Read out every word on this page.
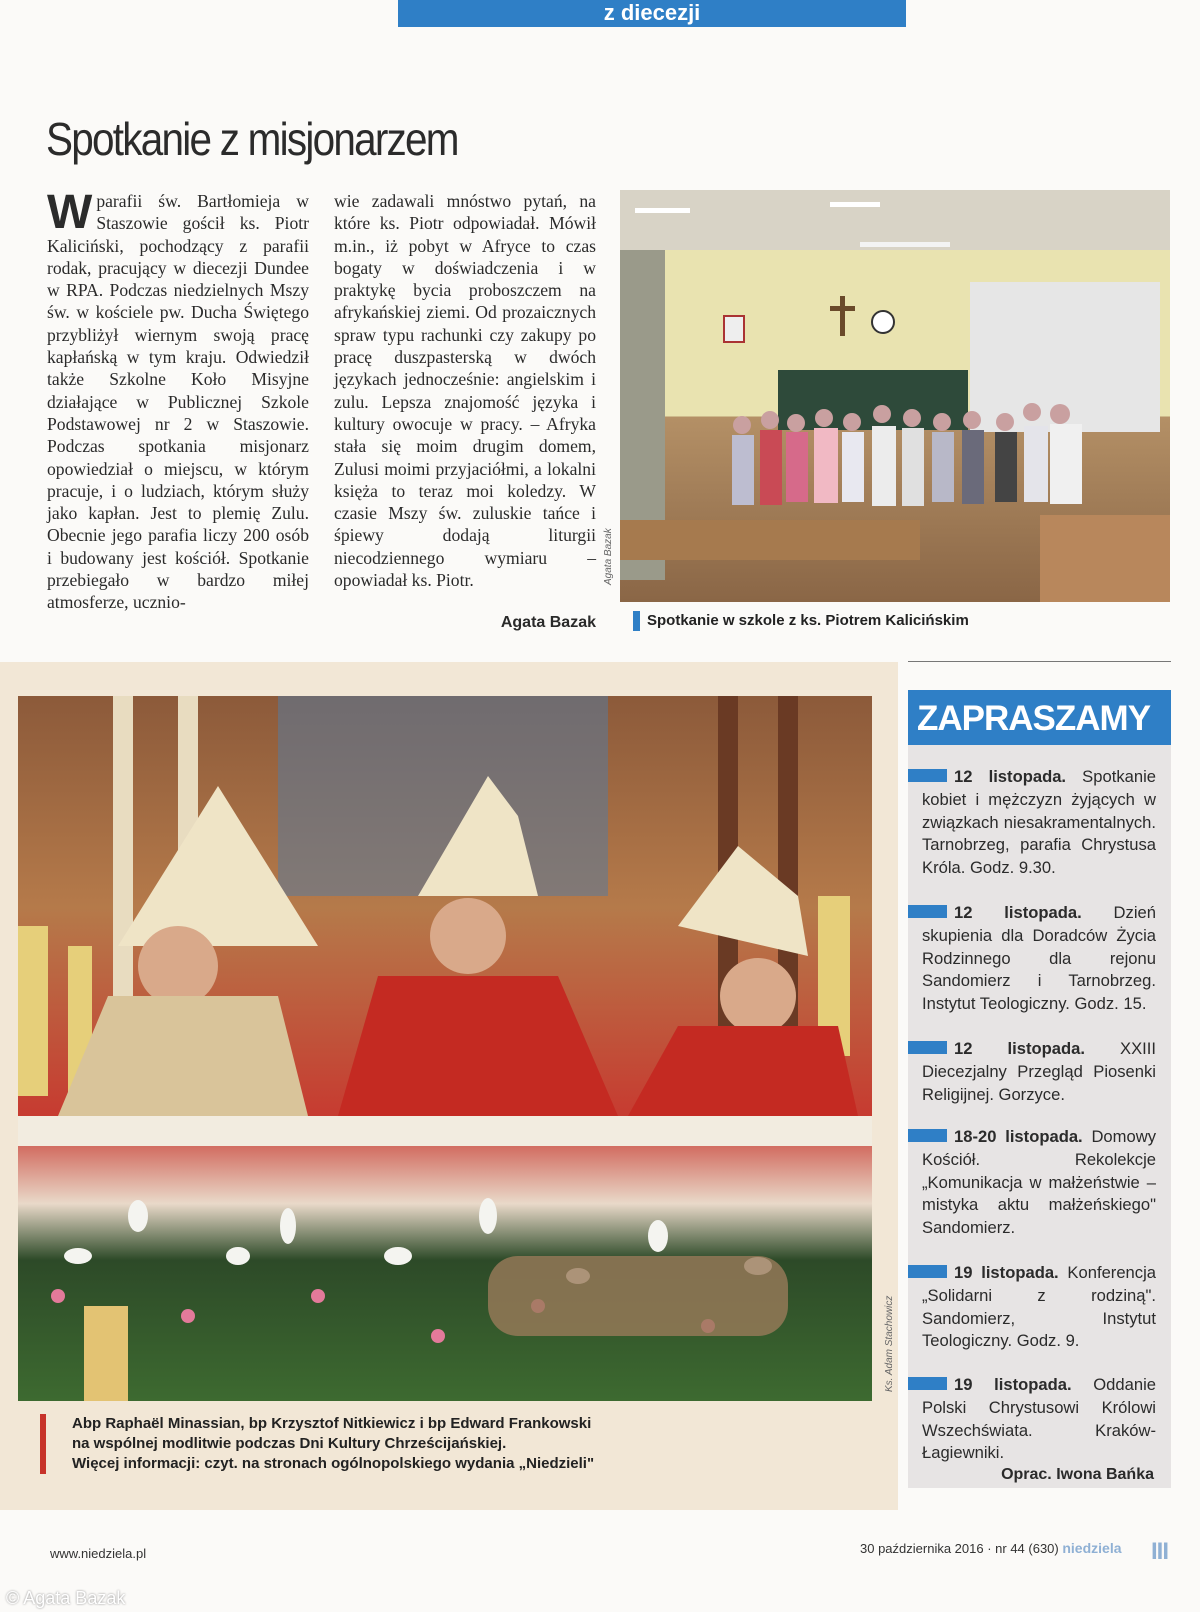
z diecezji
Spotkanie z misjonarzem

W parafii św. Bartłomieja w Staszowie gościł ks. Piotr Kaliciński, pochodzący z parafii rodak, pracujący w diecezji Dundee w RPA. Podczas niedzielnych Mszy św. w kościele pw. Ducha Świętego przybliżył wiernym swoją pracę kapłańską w tym kraju. Odwiedził także Szkolne Koło Misyjne działające w Publicznej Szkole Podstawowej nr 2 w Staszowie. Podczas spotkania misjonarz opowiedział o miejscu, w którym pracuje, i o ludziach, którym służy jako kapłan. Jest to plemię Zulu. Obecnie jego parafia liczy 200 osób i budowany jest kościół. Spotkanie przebiegało w bardzo miłej atmosferze, ucznio-

wie zadawali mnóstwo pytań, na które ks. Piotr odpowiadał. Mówił m.in., iż pobyt w Afryce to czas bogaty w doświadczenia i w praktykę bycia proboszczem na afrykańskiej ziemi. Od prozaicznych spraw typu rachunki czy zakupy po pracę duszpasterską w dwóch językach jednocześnie: angielskim i zulu. Lepsza znajomość języka i kultury owocuje w pracy. – Afryka stała się moim drugim domem, Zulusi moimi przyjaciółmi, a lokalni księża to teraz moi koledzy. W czasie Mszy św. zuluskie tańce i śpiewy dodają liturgii niecodziennego wymiaru – opowiadał ks. Piotr.

Agata Bazak
Agata Bazak
Spotkanie w szkole z ks. Piotrem Kalicińskim
Ks. Adam Stachowicz
Abp Raphaël Minassian, bp Krzysztof Nitkiewicz i bp Edward Frankowski
na wspólnej modlitwie podczas Dni Kultury Chrześcijańskiej.
Więcej informacji: czyt. na stronach ogólnopolskiego wydania „Niedzieli"
ZAPRASZAMY

12 listopada. Spotkanie kobiet i mężczyzn żyjących w związkach niesakramentalnych. Tarnobrzeg, parafia Chrystusa Króla. Godz. 9.30.

12 listopada. Dzień skupienia dla Doradców Życia Rodzinnego dla rejonu Sandomierz i Tarnobrzeg. Instytut Teologiczny. Godz. 15.

12 listopada. XXIII Diecezjalny Przegląd Piosenki Religijnej. Gorzyce.

18-20 listopada. Domowy Kościół. Rekolekcje „Komunikacja w małżeństwie – mistyka aktu małżeńskiego" Sandomierz.

19 listopada. Konferencja „Solidarni z rodziną". Sandomierz, Instytut Teologiczny. Godz. 9.

19 listopada. Oddanie Polski Chrystusowi Królowi Wszechświata. Kraków-Łagiewniki.

Oprac. Iwona Bańka
www.niedziela.pl	30 października 2016 · nr 44 (630) niedziela III
© Agata Bazak
